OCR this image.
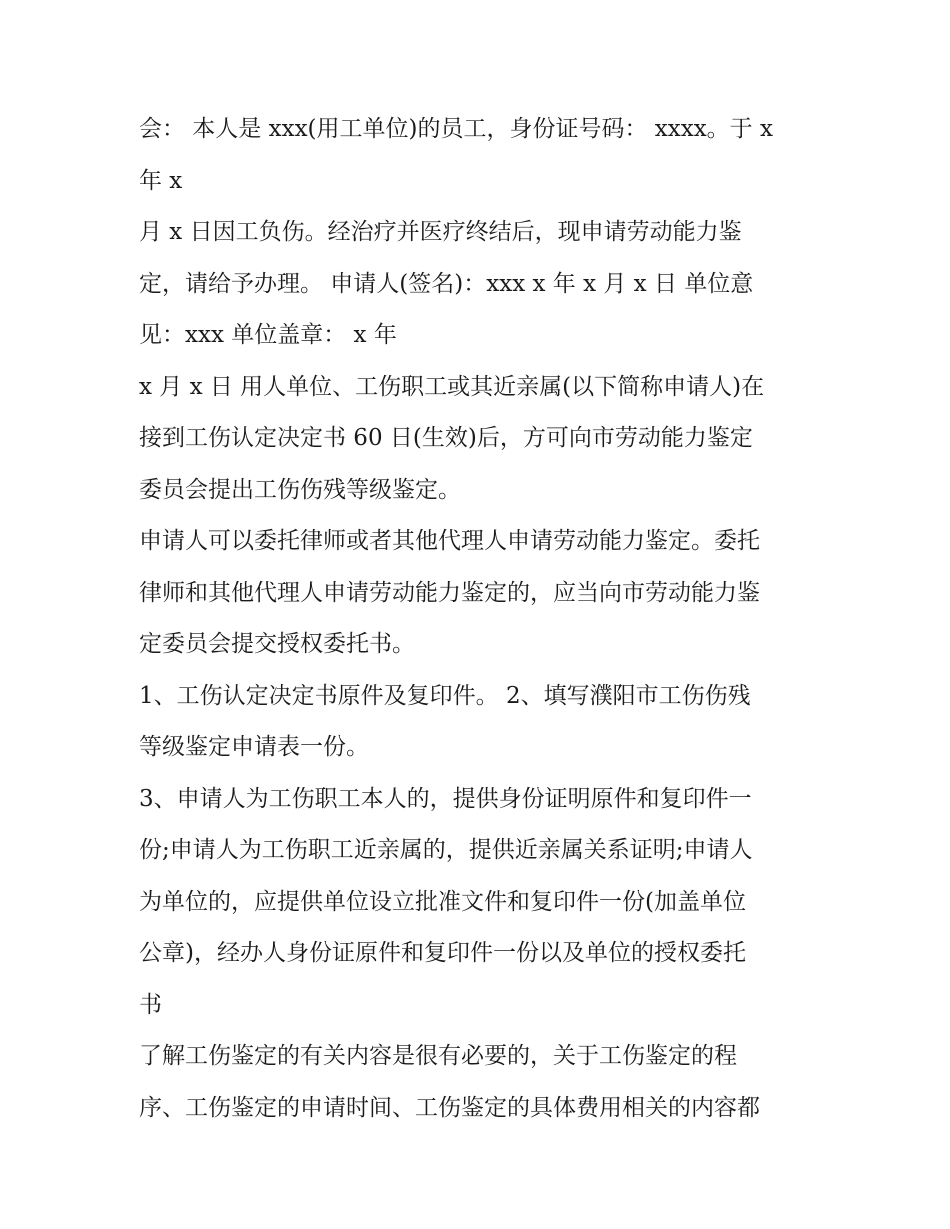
会： 本人是 xxx(用工单位)的员工，身份证号码： xxxx。于 x
年 x
月 x 日因工负伤。经治疗并医疗终结后，现申请劳动能力鉴
定，请给予办理。 申请人(签名)：xxx x 年 x 月 x 日 单位意
见：xxx 单位盖章： x 年
x 月 x 日 用人单位、工伤职工或其近亲属(以下简称申请人)在
接到工伤认定决定书 60 日(生效)后，方可向市劳动能力鉴定
委员会提出工伤伤残等级鉴定。
申请人可以委托律师或者其他代理人申请劳动能力鉴定。委托
律师和其他代理人申请劳动能力鉴定的，应当向市劳动能力鉴
定委员会提交授权委托书。
1、工伤认定决定书原件及复印件。 2、填写濮阳市工伤伤残
等级鉴定申请表一份。
3、申请人为工伤职工本人的，提供身份证明原件和复印件一
份;申请人为工伤职工近亲属的，提供近亲属关系证明;申请人
为单位的，应提供单位设立批准文件和复印件一份(加盖单位
公章)，经办人身份证原件和复印件一份以及单位的授权委托
书
了解工伤鉴定的有关内容是很有必要的，关于工伤鉴定的程
序、工伤鉴定的申请时间、工伤鉴定的具体费用相关的内容都
